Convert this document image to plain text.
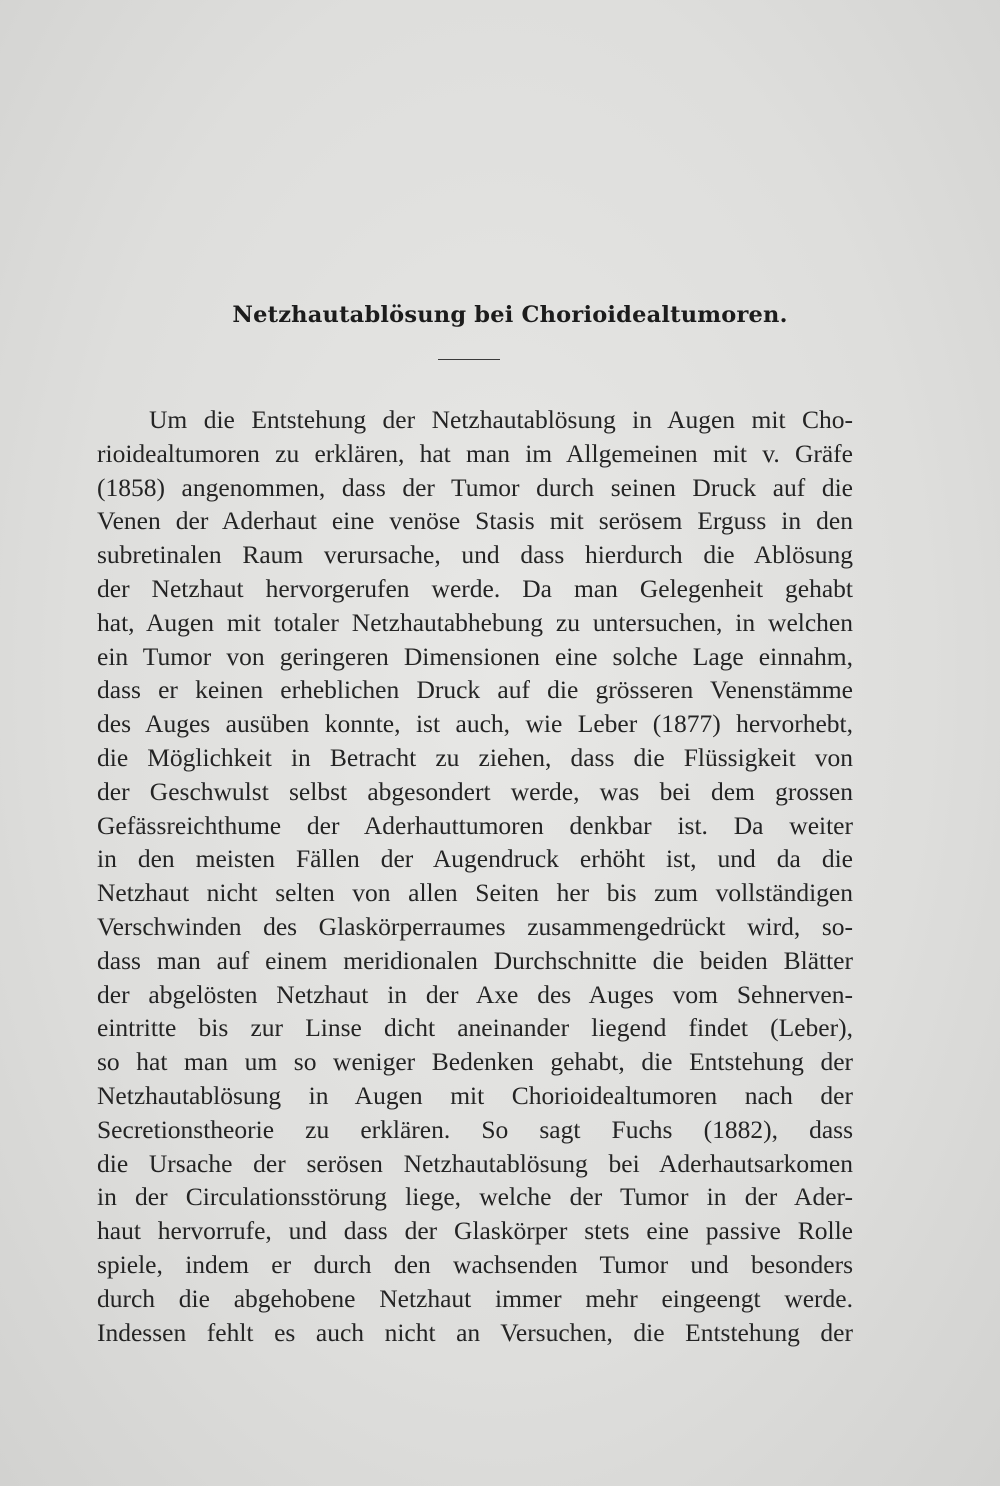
Netzhautablösung bei Chorioidealtumoren.
Um die Entstehung der Netzhautablösung in Augen mit Cho-
rioidealtumoren zu erklären, hat man im Allgemeinen mit v. Gräfe
(1858) angenommen, dass der Tumor durch seinen Druck auf die
Venen der Aderhaut eine venöse Stasis mit serösem Erguss in den
subretinalen Raum verursache, und dass hierdurch die Ablösung
der Netzhaut hervorgerufen werde. Da man Gelegenheit gehabt
hat, Augen mit totaler Netzhautabhebung zu untersuchen, in welchen
ein Tumor von geringeren Dimensionen eine solche Lage einnahm,
dass er keinen erheblichen Druck auf die grösseren Venenstämme
des Auges ausüben konnte, ist auch, wie Leber (1877) hervorhebt,
die Möglichkeit in Betracht zu ziehen, dass die Flüssigkeit von
der Geschwulst selbst abgesondert werde, was bei dem grossen
Gefässreichthume der Aderhauttumoren denkbar ist. Da weiter
in den meisten Fällen der Augendruck erhöht ist, und da die
Netzhaut nicht selten von allen Seiten her bis zum vollständigen
Verschwinden des Glaskörperraumes zusammengedrückt wird, so-
dass man auf einem meridionalen Durchschnitte die beiden Blätter
der abgelösten Netzhaut in der Axe des Auges vom Sehnerven-
eintritte bis zur Linse dicht aneinander liegend findet (Leber),
so hat man um so weniger Bedenken gehabt, die Entstehung der
Netzhautablösung in Augen mit Chorioidealtumoren nach der
Secretionstheorie zu erklären. So sagt Fuchs (1882), dass
die Ursache der serösen Netzhautablösung bei Aderhautsarkomen
in der Circulationsstörung liege, welche der Tumor in der Ader-
haut hervorrufe, und dass der Glaskörper stets eine passive Rolle
spiele, indem er durch den wachsenden Tumor und besonders
durch die abgehobene Netzhaut immer mehr eingeengt werde.
Indessen fehlt es auch nicht an Versuchen, die Entstehung der
